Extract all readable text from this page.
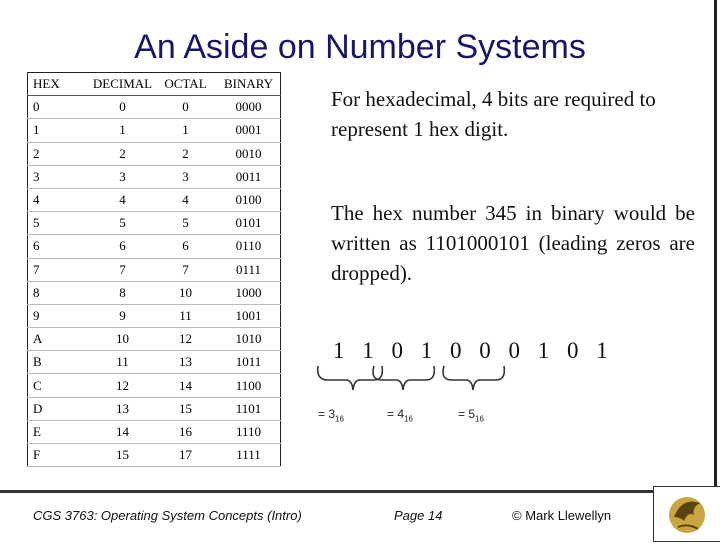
An Aside on Number Systems
HEX	DECIMAL	OCTAL	BINARY
0	0	0	0000
1	1	1	0001
2	2	2	0010
3	3	3	0011
4	4	4	0100
5	5	5	0101
6	6	6	0110
7	7	7	0111
8	8	10	1000
9	9	11	1001
A	10	12	1010
B	11	13	1011
C	12	14	1100
D	13	15	1101
E	14	16	1110
F	15	17	1111
For hexadecimal, 4 bits are required to represent 1 hex digit.
The hex number 345 in binary would be written as 1101000101 (leading zeros are dropped).
1 1 0 1 0 0 0 1 0 1
= $3_{16}$	= $4_{16}$	= $5_{16}$
CGS 3763: Operating System Concepts (Intro)	Page 14	© Mark Llewellyn
